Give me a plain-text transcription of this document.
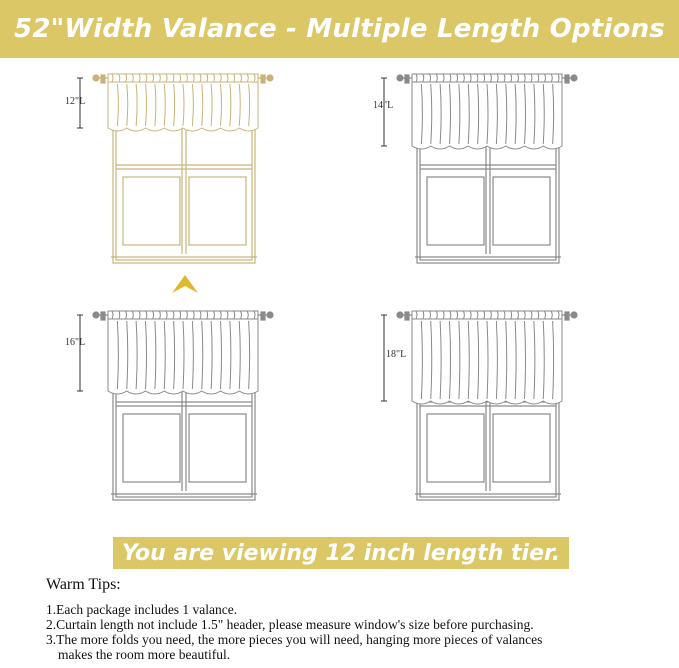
52"Width Valance - Multiple Length Options
12"L	14"L
16"L
18"L
You are viewing 12 inch length tier.
Warm Tips:

1.Each package includes 1 valance.

2.Curtain length not include 1.5" header, please measure window's size before purchasing.

3.The more folds you need, the more pieces you will need, hanging more pieces of valances

makes the room more beautiful.
